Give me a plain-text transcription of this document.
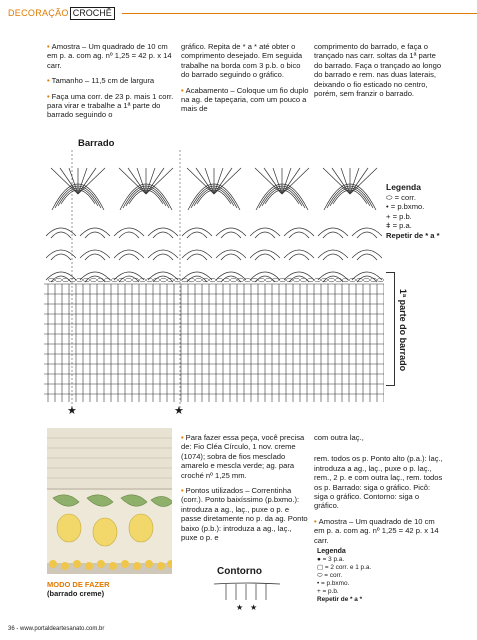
DECORAÇÃO CROCHÊ

• Amostra – Um quadrado de 10 cm em p. a. com ag. nº 1,25 = 42 p. x 14 carr.

• Tamanho – 11,5 cm de largura

• Faça uma corr. de 23 p. mais 1 corr. para virar e trabalhe a 1ª parte do barrado seguindo o

gráfico. Repita de * a * até obter o comprimento desejado. Em seguida trabalhe na borda com 3 p.b. o bico do barrado seguindo o gráfico.

• Acabamento – Coloque um fio duplo na ag. de tapeçaria, com um pouco a mais de

comprimento do barrado, e faça o trançado nas carr. soltas da 1ª parte do barrado. Faça o trançado ao longo do barrado e rem. nas duas laterais, deixando o fio esticado no centro, porém, sem franzir o barrado.

Barrado
1ª parte do barrado
Legenda
⬭ = corr.
• = p.bxmo.
+ = p.b.
ǂ = p.a.
Repetir de * a *
★	★
MODO DE FAZER
(barrado creme)

• Para fazer essa peça, você precisa de: Fio Cléa Círculo, 1 nov. creme (1074); sobra de fios mesclado amarelo e mescla verde; ag. para croché nº 1,25 mm.

• Pontos utilizados – Correntinha (corr.). Ponto baixíssimo (p.bxmo.): introduza a ag., laç., puxe o p. e passe diretamente no p. da ag. Ponto baixo (p.b.): introduza a ag., laç., puxe o p. e

Contorno
★ ★

com outra laç.,

rem. todos os p. Ponto alto (p.a.): laç., introduza a ag., laç., puxe o p. laç., rem., 2 p. e com outra laç., rem. todos os p. Barrado: siga o gráfico. Picô: siga o gráfico. Contorno: siga o gráfico.

• Amostra – Um quadrado de 10 cm em p. a. com ag. nº 1,25 = 42 p. x 14 carr.

Legenda
● = 3 p.a.
▢ = 2 corr. e 1 p.a.
⬭ = corr.
• = p.bxmo.
+ = p.b.
Repetir de * a *
36 - www.portaldeartesanato.com.br
